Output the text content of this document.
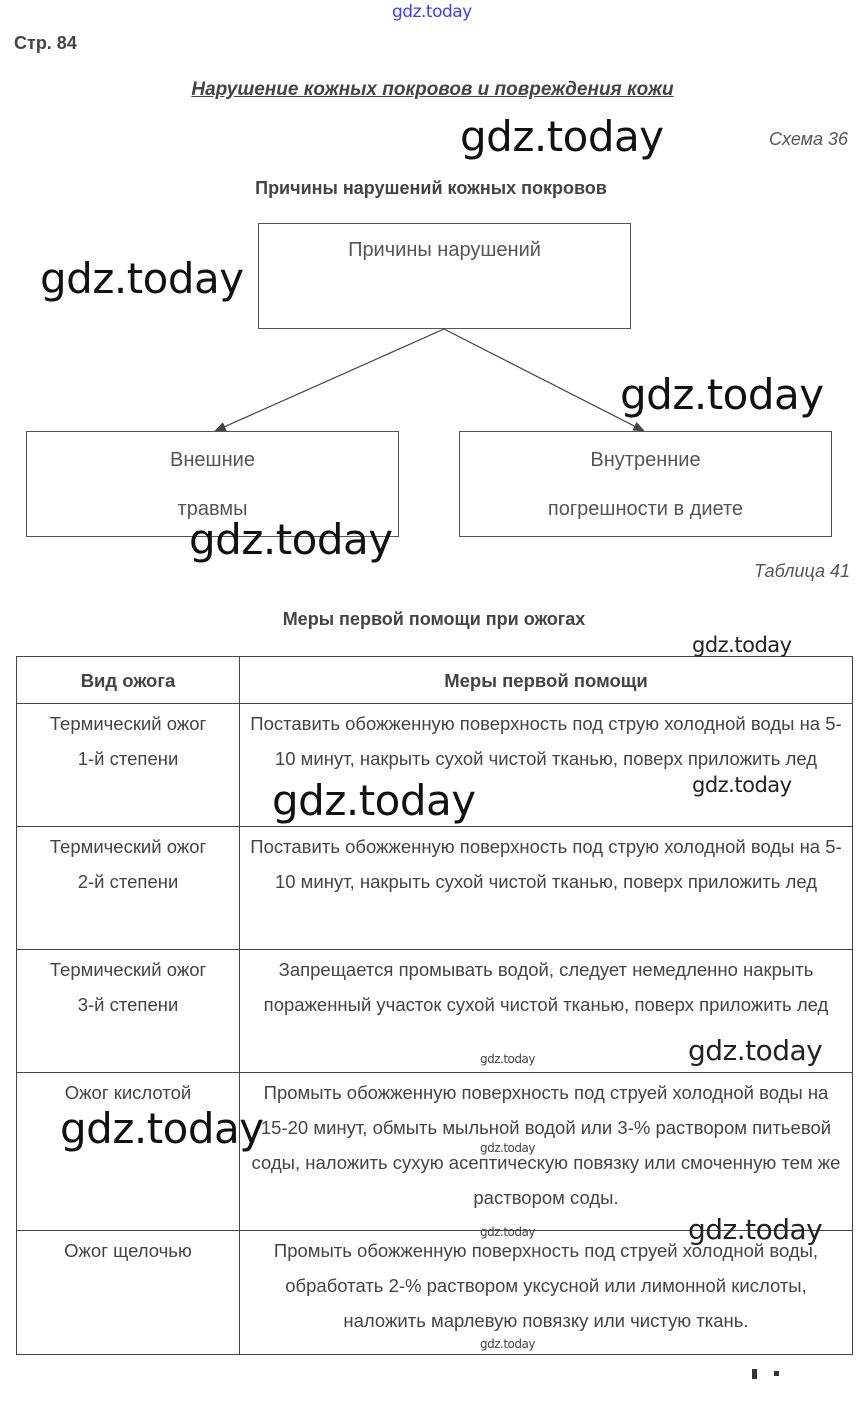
gdz.today
Стр. 84
Нарушение кожных покровов и повреждения кожи
Схема 36
Причины нарушений кожных покровов
Причины нарушений
Внешние
травмы
Внутренние
погрешности в диете
Таблица 41
Меры первой помощи при ожогах
Вид ожога	Меры первой помощи

Термический ожог
1-й степени	Поставить обожженную поверхность под струю холодной воды на 5-10 минут, накрыть сухой чистой тканью, поверх приложить лед

Термический ожог
2-й степени	Поставить обожженную поверхность под струю холодной воды на 5-10 минут, накрыть сухой чистой тканью, поверх приложить лед

Термический ожог
3-й степени	Запрещается промывать водой, следует немедленно накрыть пораженный участок сухой чистой тканью, поверх приложить лед

Ожог кислотой	Промыть обожженную поверхность под струей холодной воды на 15-20 минут, обмыть мыльной водой или 3-% раствором питьевой соды, наложить сухую асептическую повязку или смоченную тем же раствором соды.

Ожог щелочью	Промыть обожженную поверхность под струей холодной воды, обработать 2-% раствором уксусной или лимонной кислоты, наложить марлевую повязку или чистую ткань.
gdz.today
gdz.today
gdz.today
gdz.today
gdz.today
gdz.today	gdz.today
gdz.today
gdz.today
gdz.today	gdz.today
gdz.today	gdz.today
gdz.today
